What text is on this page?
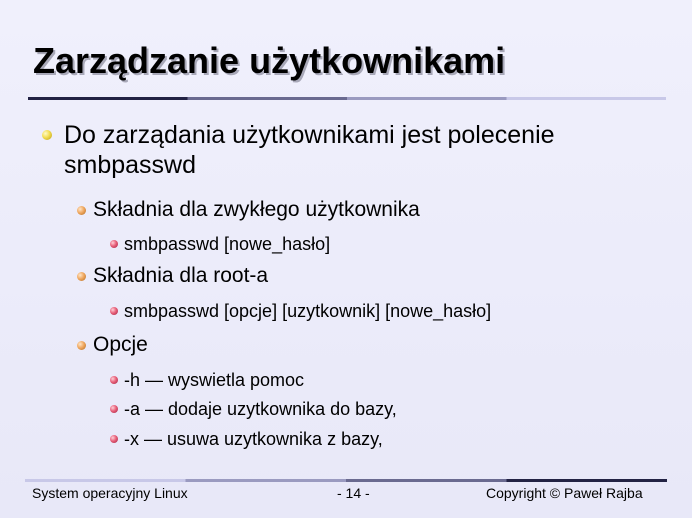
Zarządzanie użytkownikami
Do zarządania użytkownikami jest polecenie
smbpasswd
Składnia dla zwykłego użytkownika
smbpasswd [nowe_hasło]
Składnia dla root-a
smbpasswd [opcje] [uzytkownik] [nowe_hasło]
Opcje
-h — wyswietla pomoc
-a — dodaje uzytkownika do bazy,
-x — usuwa uzytkownika z bazy,
System operacyjny Linux	- 14 -	Copyright © Paweł Rajba
